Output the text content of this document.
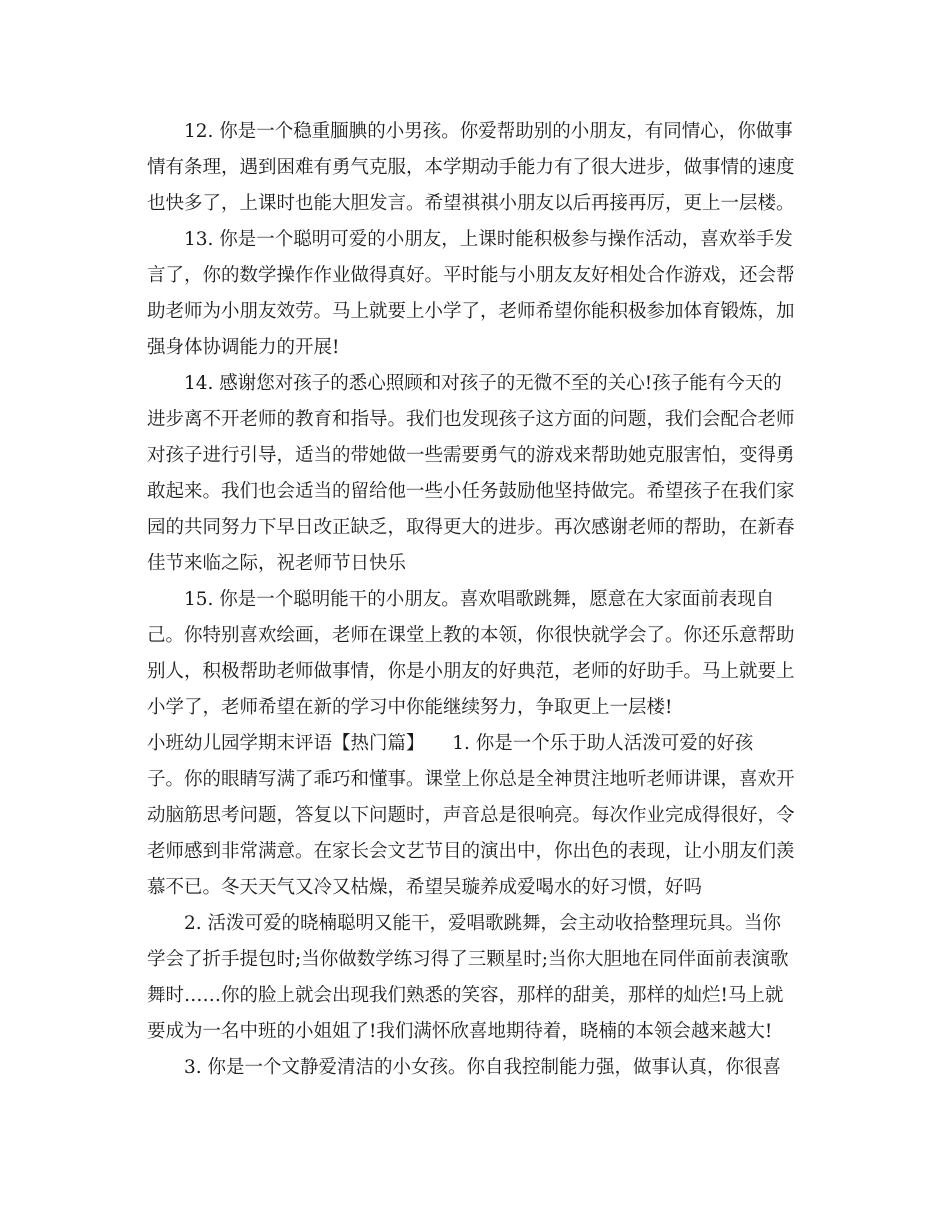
12. 你是一个稳重腼腆的小男孩。你爱帮助别的小朋友，有同情心，你做事
情有条理，遇到困难有勇气克服，本学期动手能力有了很大进步，做事情的速度
也快多了，上课时也能大胆发言。希望祺祺小朋友以后再接再厉，更上一层楼。
13. 你是一个聪明可爱的小朋友，上课时能积极参与操作活动，喜欢举手发
言了，你的数学操作作业做得真好。平时能与小朋友友好相处合作游戏，还会帮
助老师为小朋友效劳。马上就要上小学了，老师希望你能积极参加体育锻炼，加
强身体协调能力的开展!
14. 感谢您对孩子的悉心照顾和对孩子的无微不至的关心!孩子能有今天的
进步离不开老师的教育和指导。我们也发现孩子这方面的问题，我们会配合老师
对孩子进行引导，适当的带她做一些需要勇气的游戏来帮助她克服害怕，变得勇
敢起来。我们也会适当的留给他一些小任务鼓励他坚持做完。希望孩子在我们家
园的共同努力下早日改正缺乏，取得更大的进步。再次感谢老师的帮助，在新春
佳节来临之际，祝老师节日快乐
15. 你是一个聪明能干的小朋友。喜欢唱歌跳舞，愿意在大家面前表现自
己。你特别喜欢绘画，老师在课堂上教的本领，你很快就学会了。你还乐意帮助
别人，积极帮助老师做事情，你是小朋友的好典范，老师的好助手。马上就要上
小学了，老师希望在新的学习中你能继续努力，争取更上一层楼!
小班幼儿园学期末评语【热门篇】　　1. 你是一个乐于助人活泼可爱的好孩
子。你的眼睛写满了乖巧和懂事。课堂上你总是全神贯注地听老师讲课，喜欢开
动脑筋思考问题，答复以下问题时，声音总是很响亮。每次作业完成得很好，令
老师感到非常满意。在家长会文艺节目的演出中，你出色的表现，让小朋友们羡
慕不已。冬天天气又冷又枯燥，希望吴璇养成爱喝水的好习惯，好吗
2. 活泼可爱的晓楠聪明又能干，爱唱歌跳舞，会主动收拾整理玩具。当你
学会了折手提包时;当你做数学练习得了三颗星时;当你大胆地在同伴面前表演歌
舞时……你的脸上就会出现我们熟悉的笑容，那样的甜美，那样的灿烂!马上就
要成为一名中班的小姐姐了!我们满怀欣喜地期待着，晓楠的本领会越来越大!
3. 你是一个文静爱清洁的小女孩。你自我控制能力强，做事认真，你很喜
